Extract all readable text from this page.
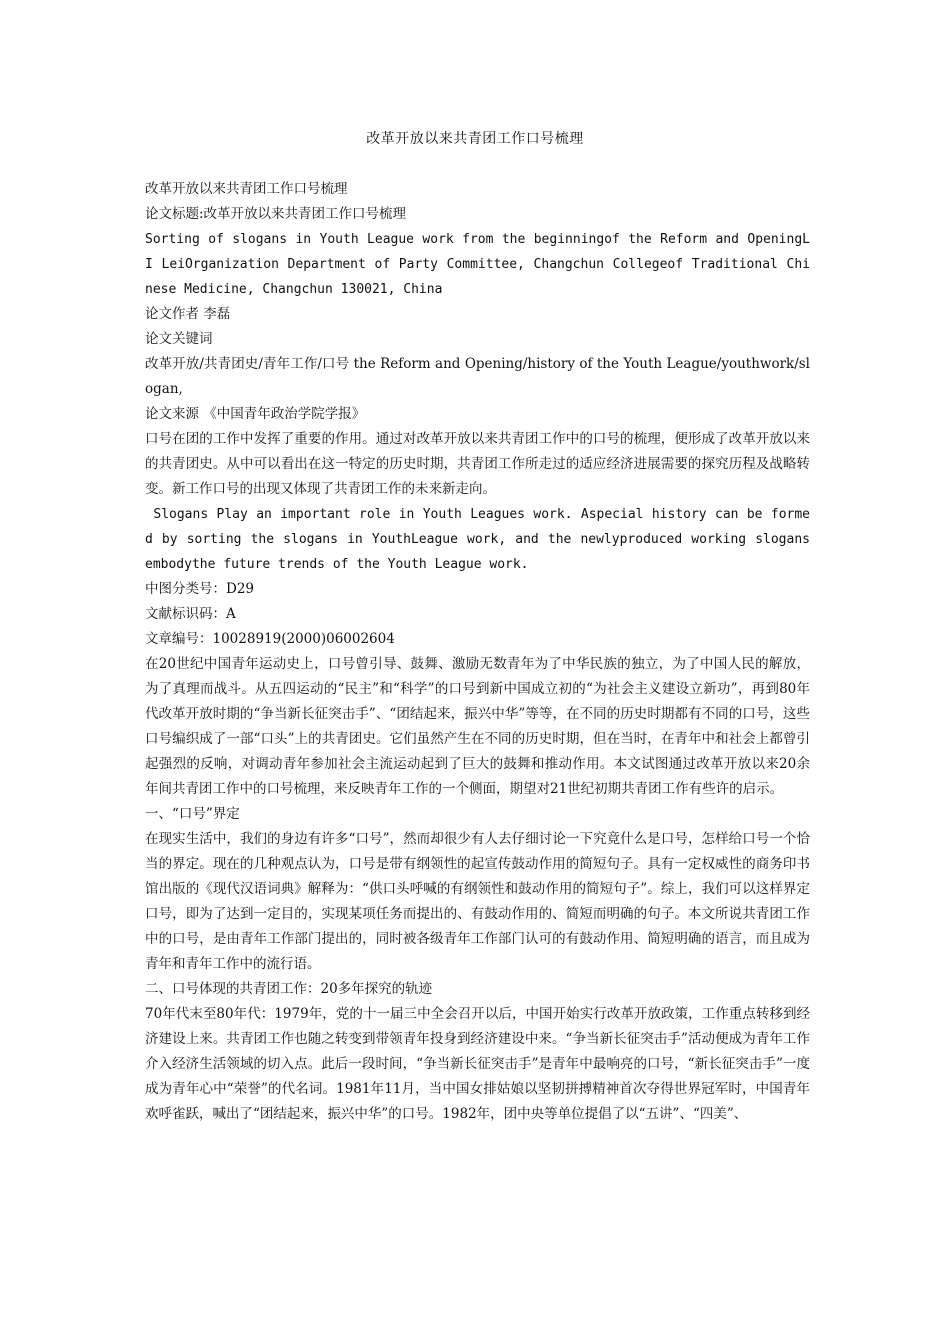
改革开放以来共青团工作口号梳理

改革开放以来共青团工作口号梳理

论文标题:改革开放以来共青团工作口号梳理

Sorting of slogans in Youth League work from the beginningof the Reform and OpeningLI LeiOrganization Department of Party Committee, Changchun Collegeof Traditional Chinese Medicine, Changchun 130021, China

论文作者 李磊

论文关键词

改革开放/共青团史/青年工作/口号 the Reform and Opening/history of the Youth League/youthwork/slogan,

论文来源 《中国青年政治学院学报》

口号在团的工作中发挥了重要的作用。通过对改革开放以来共青团工作中的口号的梳理，便形成了改革开放以来的共青团史。从中可以看出在这一特定的历史时期，共青团工作所走过的适应经济进展需要的探究历程及战略转变。新工作口号的出现又体现了共青团工作的未来新走向。

Slogans Play an important role in Youth Leagues work. Aspecial history can be formed by sorting the slogans in YouthLeague work, and the newlyproduced working slogans embodythe future trends of the Youth League work.

中图分类号：D29

文献标识码：A

文章编号：10028919(2000)06002604

在20世纪中国青年运动史上，口号曾引导、鼓舞、激励无数青年为了中华民族的独立，为了中国人民的解放，为了真理而战斗。从五四运动的“民主”和“科学”的口号到新中国成立初的“为社会主义建设立新功”，再到80年代改革开放时期的“争当新长征突击手”、“团结起来，振兴中华”等等，在不同的历史时期都有不同的口号，这些口号编织成了一部“口头”上的共青团史。它们虽然产生在不同的历史时期，但在当时，在青年中和社会上都曾引起强烈的反响，对调动青年参加社会主流运动起到了巨大的鼓舞和推动作用。本文试图通过改革开放以来20余年间共青团工作中的口号梳理，来反映青年工作的一个侧面，期望对21世纪初期共青团工作有些许的启示。

一、“口号”界定

在现实生活中，我们的身边有许多“口号”，然而却很少有人去仔细讨论一下究竟什么是口号，怎样给口号一个恰当的界定。现在的几种观点认为，口号是带有纲领性的起宣传鼓动作用的简短句子。具有一定权威性的商务印书馆出版的《现代汉语词典》解释为：“供口头呼喊的有纲领性和鼓动作用的简短句子”。综上，我们可以这样界定口号，即为了达到一定目的，实现某项任务而提出的、有鼓动作用的、简短而明确的句子。本文所说共青团工作中的口号，是由青年工作部门提出的，同时被各级青年工作部门认可的有鼓动作用、简短明确的语言，而且成为青年和青年工作中的流行语。

二、口号体现的共青团工作：20多年探究的轨迹

70年代末至80年代：1979年，党的十一届三中全会召开以后，中国开始实行改革开放政策，工作重点转移到经济建设上来。共青团工作也随之转变到带领青年投身到经济建设中来。“争当新长征突击手”活动便成为青年工作介入经济生活领域的切入点。此后一段时间，“争当新长征突击手”是青年中最响亮的口号，“新长征突击手”一度成为青年心中“荣誉”的代名词。1981年11月，当中国女排姑娘以坚韧拼搏精神首次夺得世界冠军时，中国青年欢呼雀跃，喊出了“团结起来，振兴中华”的口号。1982年，团中央等单位提倡了以“五讲”、“四美”、
